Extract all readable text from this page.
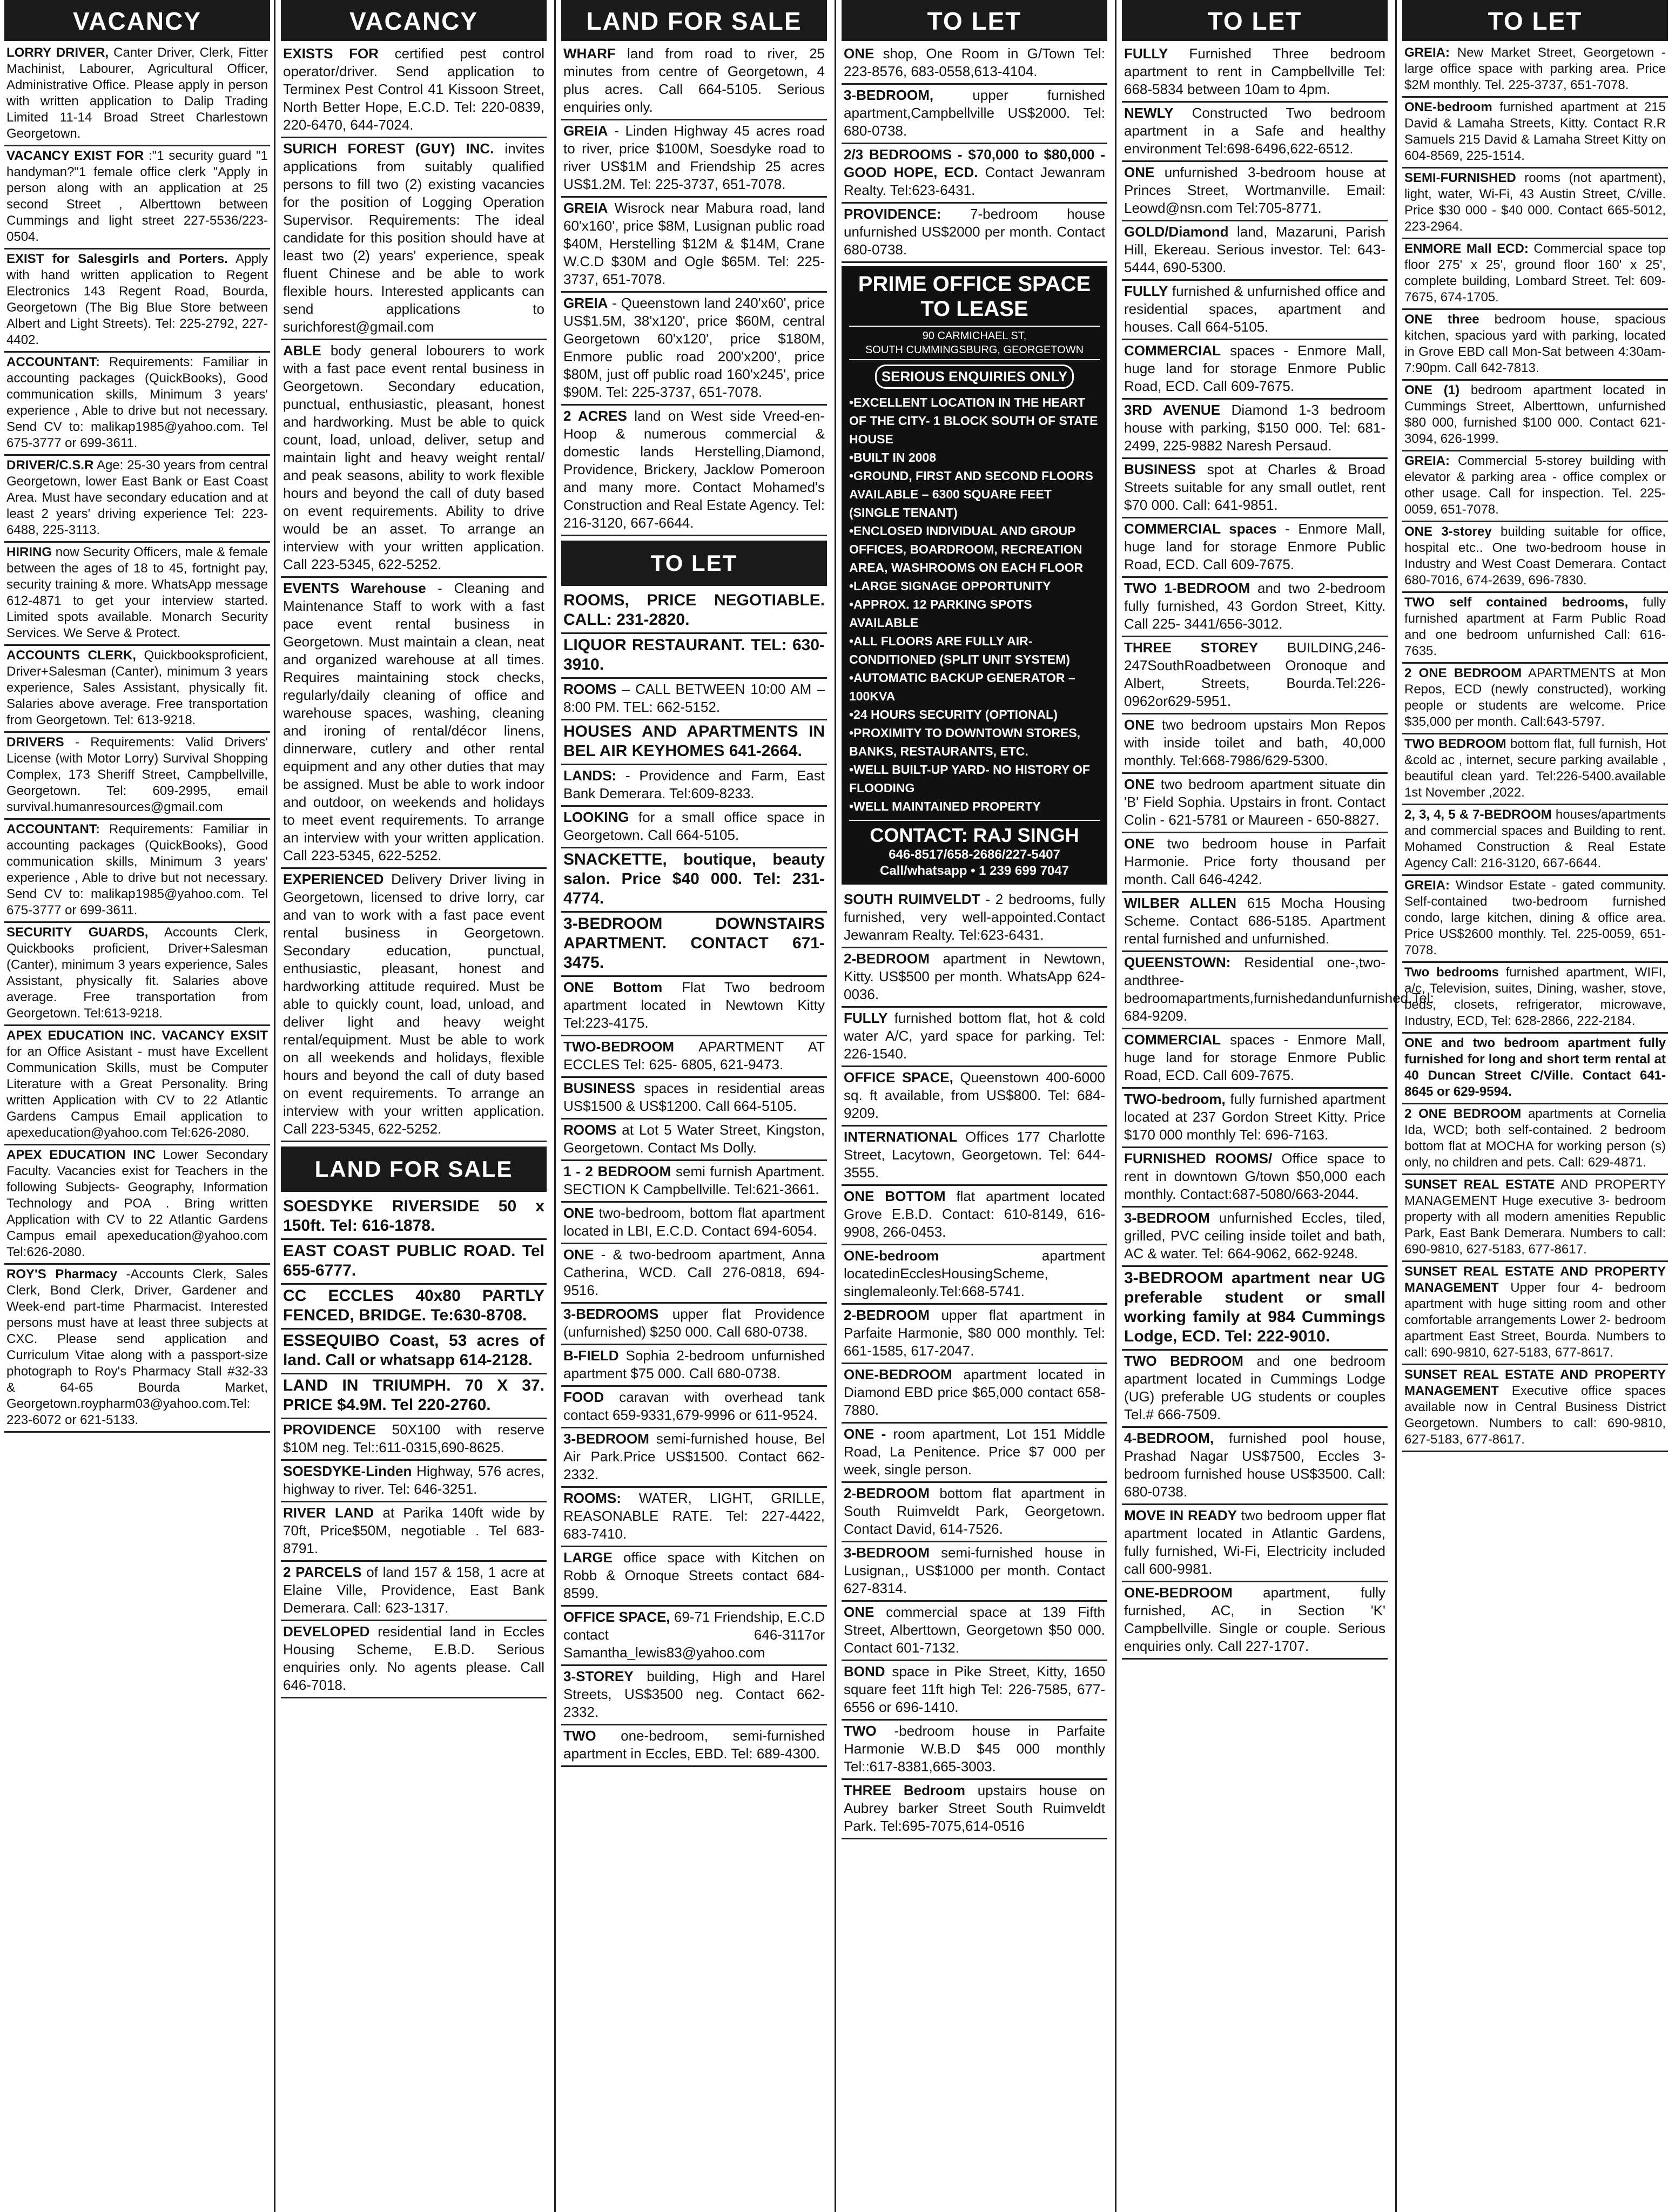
VACANCY
LORRY DRIVER, Canter Driver, Clerk, Fitter Machinist, Labourer, Agricultural Officer, Administrative Office. Please apply in person with written application to Dalip Trading Limited 11-14 Broad Street Charlestown Georgetown.
VACANCY EXIST FOR :"1 security guard "1 handyman?"1 female office clerk "Apply in person along with an application at 25 second Street , Alberttown between Cummings and light street 227-5536/223-0504.
EXIST for Salesgirls and Porters. Apply with hand written application to Regent Electronics 143 Regent Road, Bourda, Georgetown (The Big Blue Store between Albert and Light Streets). Tel: 225-2792, 227-4402.
ACCOUNTANT: Requirements: Familiar in accounting packages (QuickBooks), Good communication skills, Minimum 3 years' experience , Able to drive but not necessary. Send CV to: malikap1985@yahoo.com. Tel 675-3777 or 699-3611.
DRIVER/C.S.R Age: 25-30 years from central Georgetown, lower East Bank or East Coast Area. Must have secondary education and at least 2 years' driving experience Tel: 223-6488, 225-3113.
HIRING now Security Officers, male & female between the ages of 18 to 45, fortnight pay, security training & more. WhatsApp message 612-4871 to get your interview started. Limited spots available. Monarch Security Services. We Serve & Protect.
ACCOUNTS CLERK, Quickbooksproficient, Driver+Salesman (Canter), minimum 3 years experience, Sales Assistant, physically fit. Salaries above average. Free transportation from Georgetown. Tel: 613-9218.
DRIVERS - Requirements: Valid Drivers' License (with Motor Lorry) Survival Shopping Complex, 173 Sheriff Street, Campbellville, Georgetown. Tel: 609-2995, email survival.humanresources@gmail.com
ACCOUNTANT: Requirements: Familiar in accounting packages (QuickBooks), Good communication skills, Minimum 3 years' experience , Able to drive but not necessary. Send CV to: malikap1985@yahoo.com. Tel 675-3777 or 699-3611.
SECURITY GUARDS, Accounts Clerk, Quickbooks proficient, Driver+Salesman (Canter), minimum 3 years experience, Sales Assistant, physically fit. Salaries above average. Free transportation from Georgetown. Tel:613-9218.
APEX EDUCATION INC. VACANCY EXSIT for an Office Asistant - must have Excellent Communication Skills, must be Computer Literature with a Great Personality. Bring written Application with CV to 22 Atlantic Gardens Campus Email application to apexeducation@yahoo.com Tel:626-2080.
APEX EDUCATION INC Lower Secondary Faculty. Vacancies exist for Teachers in the following Subjects- Geography, Information Technology and POA . Bring written Application with CV to 22 Atlantic Gardens Campus email apexeducation@yahoo.com Tel:626-2080.
ROY'S Pharmacy -Accounts Clerk, Sales Clerk, Bond Clerk, Driver, Gardener and Week-end part-time Pharmacist. Interested persons must have at least three subjects at CXC. Please send application and Curriculum Vitae along with a passport-size photograph to Roy's Pharmacy Stall #32-33 & 64-65 Bourda Market, Georgetown.roypharm03@yahoo.com.Tel: 223-6072 or 621-5133.
VACANCY
EXISTS FOR certified pest control operator/driver. Send application to Terminex Pest Control 41 Kissoon Street, North Better Hope, E.C.D. Tel: 220-0839, 220-6470, 644-7024.
SURICH FOREST (GUY) INC. invites applications from suitably qualified persons to fill two (2) existing vacancies for the position of Logging Operation Supervisor. Requirements: The ideal candidate for this position should have at least two (2) years' experience, speak fluent Chinese and be able to work flexible hours. Interested applicants can send applications to surichforest@gmail.com
ABLE body general loboure​rs to work with a fast pace event rental business in Georgetown. Secondary education, punctual, enthusiastic, pleasant, honest and hardworking. Must be able to quick count, load, unload, deliver, setup and maintain light and heavy weight rental/ and peak seasons, ability to work flexible hours and beyond the call of duty based on event requirements. Ability to drive would be an asset. To arrange an interview with your written application. Call 223-5345, 622-5252.
EVENTS Warehouse - Cleaning and Maintenance Staff to work with a fast pace event rental business in Georgetown. Must maintain a clean, neat and organized warehouse at all times. Requires maintaining stock checks, regularly/daily cleaning of office and warehouse spaces, washing, cleaning and ironing of rental/décor linens, dinnerware, cutlery and other rental equipment and any other duties that may be assigned. Must be able to work indoor and outdoor, on weekends and holidays to meet event requirements. To arrange an interview with your written application. Call 223-5345, 622-5252.
EXPERIENCED Delivery Driver living in Georgetown, licensed to drive lorry, car and van to work with a fast pace event rental business in Georgetown. Secondary education, punctual, enthusiastic, pleasant, honest and hardworking attitude required. Must be able to quickly count, load, unload, and deliver light and heavy weight rental/equipment. Must be able to work on all weekends and holidays, flexible hours and beyond the call of duty based on event requirements. To arrange an interview with your written application. Call 223-5345, 622-5252.
LAND FOR SALE
SOESDYKE RIVERSIDE 50 x 150ft. Tel: 616-1878.
EAST COAST PUBLIC ROAD. Tel 655-6777.
CC ECCLES 40x80 PARTLY FENCED, BRIDGE. Te:630-8708.
ESSEQUIBO Coast, 53 acres of land. Call or whatsapp 614-2128.
LAND IN TRIUMPH. 70 X 37. PRICE $4.9M. Tel 220-2760.
PROVIDENCE 50X100 with reserve $10M neg. Tel::611-0315,690-8625.
SOESDYKE-Linden Highway, 576 acres, highway to river. Tel: 646-3251.
RIVER LAND at Parika 140ft wide by 70ft, Price$50M, negotiable . Tel 683-8791.
2 PARCELS of land 157 & 158, 1 acre at Elaine Ville, Providence, East Bank Demerara. Call: 623-1317.
DEVELOPED residential land in Eccles Housing Scheme, E.B.D. Serious enquiries only. No agents please. Call 646-7018.
LAND FOR SALE
WHARF land from road to river, 25 minutes from centre of Georgetown, 4 plus acres. Call 664-5105. Serious enquiries only.
GREIA - Linden Highway 45 acres road to river, price $100M, Soesdyke road to river US$1M and Friendship 25 acres US$1.2M. Tel: 225-3737, 651-7078.
GREIA Wisrock near Mabura road, land 60'x160', price $8M, Lusignan public road $40M, Herstelling $12M & $14M, Crane W.C.D $30M and Ogle $65M. Tel: 225-3737, 651-7078.
GREIA - Queenstown land 240'x60', price US$1.5M, 38'x120', price $60M, central Georgetown 60'x120', price $180M, Enmore public road 200'x200', price $80M, just off public road 160'x245', price $90M. Tel: 225-3737, 651-7078.
2 ACRES land on West side Vreed-en-Hoop & numerous commercial & domestic lands Herstelling,Diamond, Providence, Brickery, Jacklow Pomeroon and many more. Contact Mohamed's Construction and Real Estate Agency. Tel: 216-3120, 667-6644.
TO LET
ROOMS, PRICE NEGOTIABLE. CALL: 231-2820.
LIQUOR RESTAURANT. TEL: 630-3910.
ROOMS – CALL BETWEEN 10:00 AM – 8:00 PM. TEL: 662-5152.
HOUSES AND APARTMENTS IN BEL AIR KEYHOMES 641-2664.
LANDS: - Providence and Farm, East Bank Demerara. Tel:609-8233.
LOOKING for a small office space in Georgetown. Call 664-5105.
SNACKETTE, boutique, beauty salon. Price $40 000. Tel: 231-4774.
3-BEDROOM DOWNSTAIRS APARTMENT. CONTACT 671-3475.
ONE Bottom Flat Two bedroom apartment located in Newtown Kitty Tel:223-4175.
TWO-BEDROOM APARTMENT AT ECCLES Tel: 625- 6805, 621-9473.
BUSINESS spaces in residential areas US$1500 & US$1200. Call 664-5105.
ROOMS at Lot 5 Water Street, Kingston, Georgetown. Contact Ms Dolly.
1 - 2 BEDROOM semi furnish Apartment. SECTION K Campbellville. Tel:621-3661.
ONE two-bedroom, bottom flat apartment located in LBI, E.C.D. Contact 694-6054.
ONE - & two-bedroom apartment, Anna Catherina, WCD. Call 276-0818, 694-9516.
3-BEDROOMS upper flat Providence (unfurnished) $250 000. Call 680-0738.
B-FIELD Sophia 2-bedroom unfurnished apartment $75 000. Call 680-0738.
FOOD caravan with overhead tank contact 659-9331,679-9996 or 611-9524.
3-BEDROOM semi-furnished house, Bel Air Park.Price US$1500. Contact 662-2332.
ROOMS: WATER, LIGHT, GRILLE, REASONABLE RATE. Tel: 227-4422, 683-7410.
LARGE office space with Kitchen on Robb & Ornoque Streets contact 684-8599.
OFFICE SPACE, 69-71 Friendship, E.C.D contact 646-3117or Samantha_lewis83@yahoo.com
3-STOREY building, High and Harel Streets, US$3500 neg. Contact 662-2332.
TWO one-bedroom, semi-furnished apartment in Eccles, EBD. Tel: 689-4300.
TO LET
ONE shop, One Room in G/Town Tel: 223-8576, 683-0558,613-4104.
3-BEDROOM,	upper furnished apartment,Campbellville US$2000. Tel: 680-0738.
2/3 BEDROOMS - $70,000 to $80,000 - GOOD HOPE, ECD. Contact Jewanram Realty. Tel:623-6431.
PROVIDENCE: 7-bedroom house unfurnished US$2000 per month. Contact 680-0738.
PRIME OFFICE SPACE
TO LEASE
90 CARMICHAEL ST,
SOUTH CUMMINGSBURG, GEORGETOWN
SERIOUS ENQUIRIES ONLY
•EXCELLENT LOCATION IN THE HEART OF THE CITY- 1 BLOCK SOUTH OF STATE HOUSE
•BUILT IN 2008
•GROUND, FIRST AND SECOND FLOORS AVAILABLE – 6300 SQUARE FEET (SINGLE TENANT)
•ENCLOSED INDIVIDUAL AND GROUP OFFICES, BOARDROOM, RECREATION AREA, WASHROOMS ON EACH FLOOR
•LARGE SIGNAGE OPPORTUNITY
•APPROX. 12 PARKING SPOTS AVAILABLE
•ALL FLOORS ARE FULLY AIR-CONDITIONED (SPLIT UNIT SYSTEM)
•AUTOMATIC BACKUP GENERATOR – 100KVA
•24 HOURS SECURITY (OPTIONAL)
•PROXIMITY TO DOWNTOWN STORES, BANKS, RESTAURANTS, ETC.
•WELL BUILT-UP YARD- NO HISTORY OF FLOODING
•WELL MAINTAINED PROPERTY
CONTACT: RAJ SINGH
646-8517/658-2686/227-5407
Call/whatsapp • 1 239 699 7047
SOUTH RUIMVELDT - 2 bedrooms, fully furnished, very well-appointed.Contact Jewanram Realty. Tel:623-6431.
2-BEDROOM apartment in Newtown, Kitty. US$500 per month. WhatsApp 624-0036.
FULLY furnished bottom flat, hot & cold water A/C, yard space for parking. Tel: 226-1540.
OFFICE SPACE, Queenstown 400-6000 sq. ft available, from US$800. Tel: 684-9209.
INTERNATIONAL Offices 177 Charlotte Street, Lacytown, Georgetown. Tel: 644-3555.
ONE BOTTOM flat apartment located Grove E.B.D. Contact: 610-8149, 616-9908, 266-0453.
ONE-bedroom	apartment locatedinEcclesHousingScheme, singlemaleonly.Tel:668-5741.
2-BEDROOM upper flat apartment in Parfaite Harmonie, $80 000 monthly. Tel: 661-1585, 617-2047.
ONE-BEDROOM apartment located in Diamond EBD price $65,000 contact 658-7880.
ONE - room apartment, Lot 151 Middle Road, La Penitence. Price $7 000 per week, single person.
2-BEDROOM bottom flat apartment in South Ruimveldt Park, Georgetown. Contact David, 614-7526.
3-BEDROOM semi-furnished house in Lusignan,, US$1000 per month. Contact 627-8314.
ONE commercial space at 139 Fifth Street, Alberttown, Georgetown $50 000. Contact 601-7132.
BOND space in Pike Street, Kitty, 1650 square feet 11ft high Tel: 226-7585, 677-6556 or 696-1410.
TWO -bedroom house in Parfaite Harmonie W.B.D $45 000 monthly Tel::617-8381,665-3003.
THREE Bedroom upstairs house on Aubrey barker Street South Ruimveldt Park. Tel:695-7075,614-0516
TO LET
FULLY Furnished Three bedroom apartment to rent in Campbellville Tel: 668-5834 between 10am to 4pm.
NEWLY Constructed Two bedroom apartment in a Safe and healthy environment Tel:698-6496,622-6512.
ONE unfurnished 3-bedroom house at Princes Street, Wortmanville. Email: Leowd@nsn.com Tel:705-8771.
GOLD/Diamond land, Mazaruni, Parish Hill, Ekereau. Serious investor. Tel: 643-5444, 690-5300.
FULLY furnished & unfurnished office and residential spaces, apartment and houses. Call 664-5105.
COMMERCIAL spaces - Enmore Mall, huge land for storage Enmore Public Road, ECD. Call 609-7675.
3RD AVENUE Diamond 1-3 bedroom house with parking, $150 000. Tel: 681-2499, 225-9882 Naresh Persaud.
BUSINESS spot at Charles & Broad Streets suitable for any small outlet, rent $70 000. Call: 641-9851.
COMMERCIAL spaces - Enmore Mall, huge land for storage Enmore Public Road, ECD. Call 609-7675.
TWO 1-BEDROOM and two 2-bedroom fully furnished, 43 Gordon Street, Kitty. Call 225- 3441/656-3012.
THREE STOREY BUILDING,246-247SouthRoadbetween Oronoque and Albert, Streets, Bourda.Tel:226-0962or629-5951.
ONE two bedroom upstairs Mon Repos with inside toilet and bath, 40,000 monthly. Tel:668-7986/629-5300.
ONE two bedroom apartment situate din 'B' Field Sophia. Upstairs in front. Contact Colin - 621-5781 or Maureen - 650-8827.
ONE two bedroom house in Parfait Harmonie. Price forty thousand per month. Call 646-4242.
WILBER ALLEN 615 Mocha Housing Scheme. Contact 686-5185. Apartment rental furnished and unfurnished.
QUEENSTOWN: Residential one-,two-andthree-bedroomapartments,furnishedandunfurnished.Tel: 684-9209.
COMMERCIAL spaces - Enmore Mall, huge land for storage Enmore Public Road, ECD. Call 609-7675.
TWO-bedroom, fully furnished apartment located at 237 Gordon Street Kitty. Price $170 000 monthly Tel: 696-7163.
FURNISHED ROOMS/ Office space to rent in downtown G/town $50,000 each monthly. Contact:687-5080/663-2044.
3-BEDROOM unfurnished Eccles, tiled, grilled, PVC ceiling inside toilet and bath, AC & water. Tel: 664-9062, 662-9248.
3-BEDROOM apartment near UG preferable student or small working family at 984 Cummings Lodge, ECD. Tel: 222-9010.
TWO BEDROOM and one bedroom apartment located in Cummings Lodge (UG) preferable UG students or couples Tel.# 666-7509.
4-BEDROOM, furnished pool house, Prashad Nagar US$7500, Eccles 3-bedroom furnished house US$3500. Call: 680-0738.
MOVE IN READY two bedroom upper flat apartment located in Atlantic Gardens, fully furnished, Wi-Fi, Electricity included call 600-9981.
ONE-BEDROOM apartment, fully furnished, AC, in Section 'K' Campbellville. Single or couple. Serious enquiries only. Call 227-1707.
TO LET
GREIA: New Market Street, Georgetown - large office space with parking area. Price $2M monthly. Tel. 225-3737, 651-7078.
ONE-bedroom furnished apartment at 215 David & Lamaha Streets, Kitty. Contact R.R Samuels 215 David & Lamaha Street Kitty on 604-8569, 225-1514.
SEMI-FURNISHED rooms (not apartment), light, water, Wi-Fi, 43 Austin Street, C/ville. Price $30 000 - $40 000. Contact 665-5012, 223-2964.
ENMORE Mall ECD: Commercial space top floor 275' x 25', ground floor 160' x 25', complete building, Lombard Street. Tel: 609-7675, 674-1705.
ONE three bedroom house, spacious kitchen, spacious yard with parking, located in Grove EBD call Mon-Sat between 4:30am-7:90pm. Call 642-7813.
ONE (1) bedroom apartment located in Cummings Street, Alberttown, unfurnished $80 000, furnished $100 000. Contact 621-3094, 626-1999.
GREIA: Commercial 5-storey building with elevator & parking area - office complex or other usage. Call for inspection. Tel. 225-0059, 651-7078.
ONE 3-storey building suitable for office, hospital etc.. One two-bedroom house in Industry and West Coast Demerara. Contact 680-7016, 674-2639, 696-7830.
TWO self contained bedrooms, fully furnished apartment at Farm Public Road and one bedroom unfurnished Call: 616-7635.
2 ONE BEDROOM APARTMENTS at Mon Repos, ECD (newly constructed), working people or students are welcome. Price $35,000 per month. Call:643-5797.
TWO BEDROOM bottom flat, full furnish, Hot &cold ac , internet, secure parking available , beautiful clean yard. Tel:226-5400.available 1st November ,2022.
2, 3, 4, 5 & 7-BEDROOM houses/apartments and commercial spaces and Building to rent. Mohamed Construction & Real Estate Agency Call: 216-3120, 667-6644.
GREIA: Windsor Estate - gated community. Self-contained two-bedroom furnished condo, large kitchen, dining & office area. Price US$2600 monthly. Tel. 225-0059, 651-7078.
Two bedrooms furnished apartment, WIFI, a/c, Television, suites, Dining, washer, stove, beds, closets, refrigerator, microwave, Industry, ECD, Tel: 628-2866, 222-2184.
ONE and two bedroom apartment fully furnished for long and short term rental at 40 Duncan Street C/Ville. Contact 641-8645 or 629-9594.
2 ONE BEDROOM apartments at Cornelia Ida, WCD; both self-contained. 2 bedroom bottom flat at MOCHA for working person (s) only, no children and pets. Call: 629-4871.
SUNSET REAL ESTATE AND PROPERTY MANAGEMENT Huge executive 3- bedroom property with all modern amenities Republic Park, East Bank Demerara. Numbers to call: 690-9810, 627-5183, 677-8617.
SUNSET REAL ESTATE AND PROPERTY MANAGEMENT Upper four 4- bedroom apartment with huge sitting room and other comfortable arrangements Lower 2- bedroom apartment East Street, Bourda. Numbers to call: 690-9810, 627-5183, 677-8617.
SUNSET REAL ESTATE AND PROPERTY MANAGEMENT Executive office spaces available now in Central Business District Georgetown. Numbers to call: 690-9810, 627-5183, 677-8617.
